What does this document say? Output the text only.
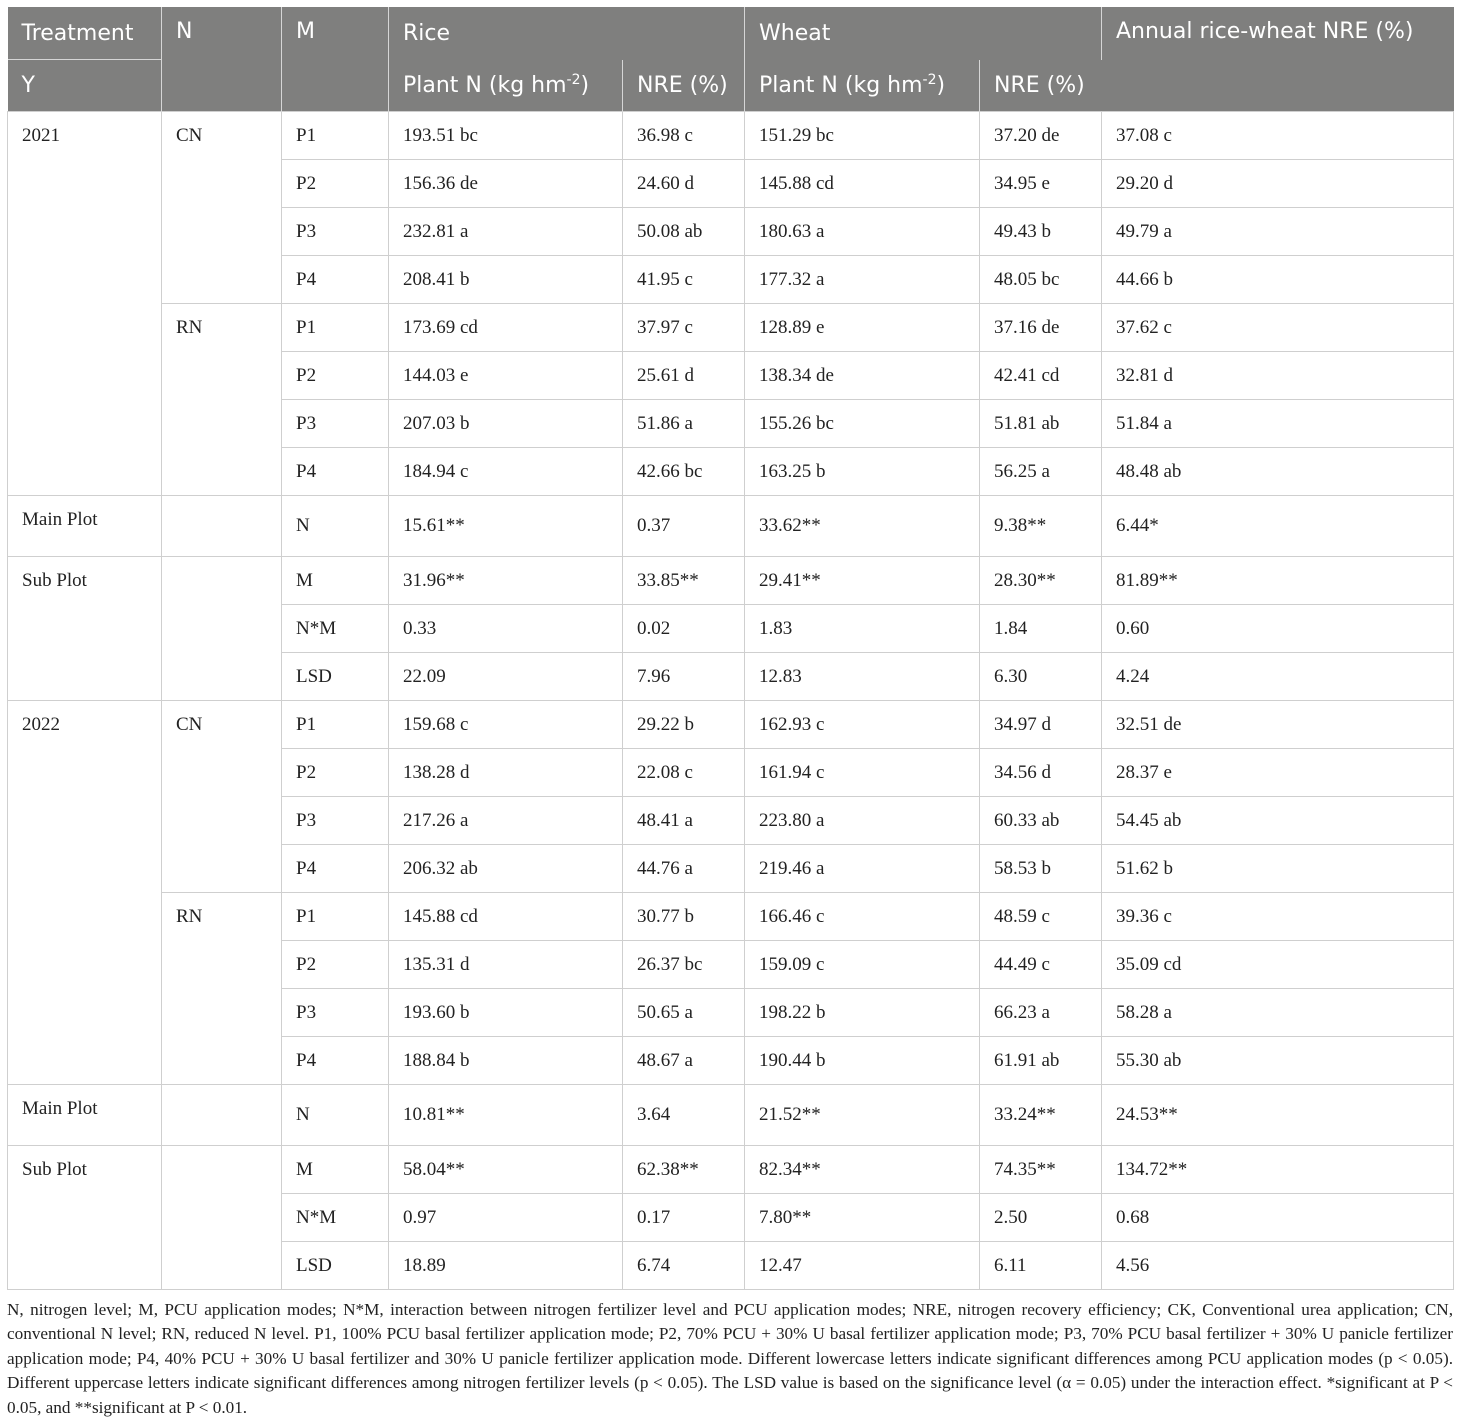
Treatment	N	M	Rice		Wheat		Annual rice-wheat NRE (%)
Y			Plant N (kg $hm^{-2}$)	NRE (%)	Plant N (kg $hm^{-2}$)	NRE (%)	
2021	CN	P1	193.51 bc	36.98 c	151.29 bc	37.20 de	37.08 c
		P2	156.36 de	24.60 d	145.88 cd	34.95 e	29.20 d
		P3	232.81 a	50.08 ab	180.63 a	49.43 b	49.79 a
		P4	208.41 b	41.95 c	177.32 a	48.05 bc	44.66 b
	RN	P1	173.69 cd	37.97 c	128.89 e	37.16 de	37.62 c
		P2	144.03 e	25.61 d	138.34 de	42.41 cd	32.81 d
		P3	207.03 b	51.86 a	155.26 bc	51.81 ab	51.84 a
		P4	184.94 c	42.66 bc	163.25 b	56.25 a	48.48 ab
Main Plot		N	15.61**	0.37	33.62**	9.38**	6.44*
Sub Plot		M	31.96**	33.85**	29.41**	28.30**	81.89**
		N*M	0.33	0.02	1.83	1.84	0.60
		LSD	22.09	7.96	12.83	6.30	4.24
2022	CN	P1	159.68 c	29.22 b	162.93 c	34.97 d	32.51 de
		P2	138.28 d	22.08 c	161.94 c	34.56 d	28.37 e
		P3	217.26 a	48.41 a	223.80 a	60.33 ab	54.45 ab
		P4	206.32 ab	44.76 a	219.46 a	58.53 b	51.62 b
	RN	P1	145.88 cd	30.77 b	166.46 c	48.59 c	39.36 c
		P2	135.31 d	26.37 bc	159.09 c	44.49 c	35.09 cd
		P3	193.60 b	50.65 a	198.22 b	66.23 a	58.28 a
		P4	188.84 b	48.67 a	190.44 b	61.91 ab	55.30 ab
Main Plot		N	10.81**	3.64	21.52**	33.24**	24.53**
Sub Plot		M	58.04**	62.38**	82.34**	74.35**	134.72**
		N*M	0.97	0.17	7.80**	2.50	0.68
		LSD	18.89	6.74	12.47	6.11	4.56
N, nitrogen level; M, PCU application modes; N*M, interaction between nitrogen fertilizer level and PCU application modes; NRE, nitrogen recovery efficiency; CK, Conventional urea application; CN, conventional N level; RN, reduced N level. P1, 100% PCU basal fertilizer application mode; P2, 70% PCU + 30% U basal fertilizer application mode; P3, 70% PCU basal fertilizer + 30% U panicle fertilizer application mode; P4, 40% PCU + 30% U basal fertilizer and 30% U panicle fertilizer application mode. Different lowercase letters indicate significant differences among PCU application modes (p < 0.05). Different uppercase letters indicate significant differences among nitrogen fertilizer levels (p < 0.05). The LSD value is based on the significance level (α = 0.05) under the interaction effect. *significant at P < 0.05, and **significant at P < 0.01.
